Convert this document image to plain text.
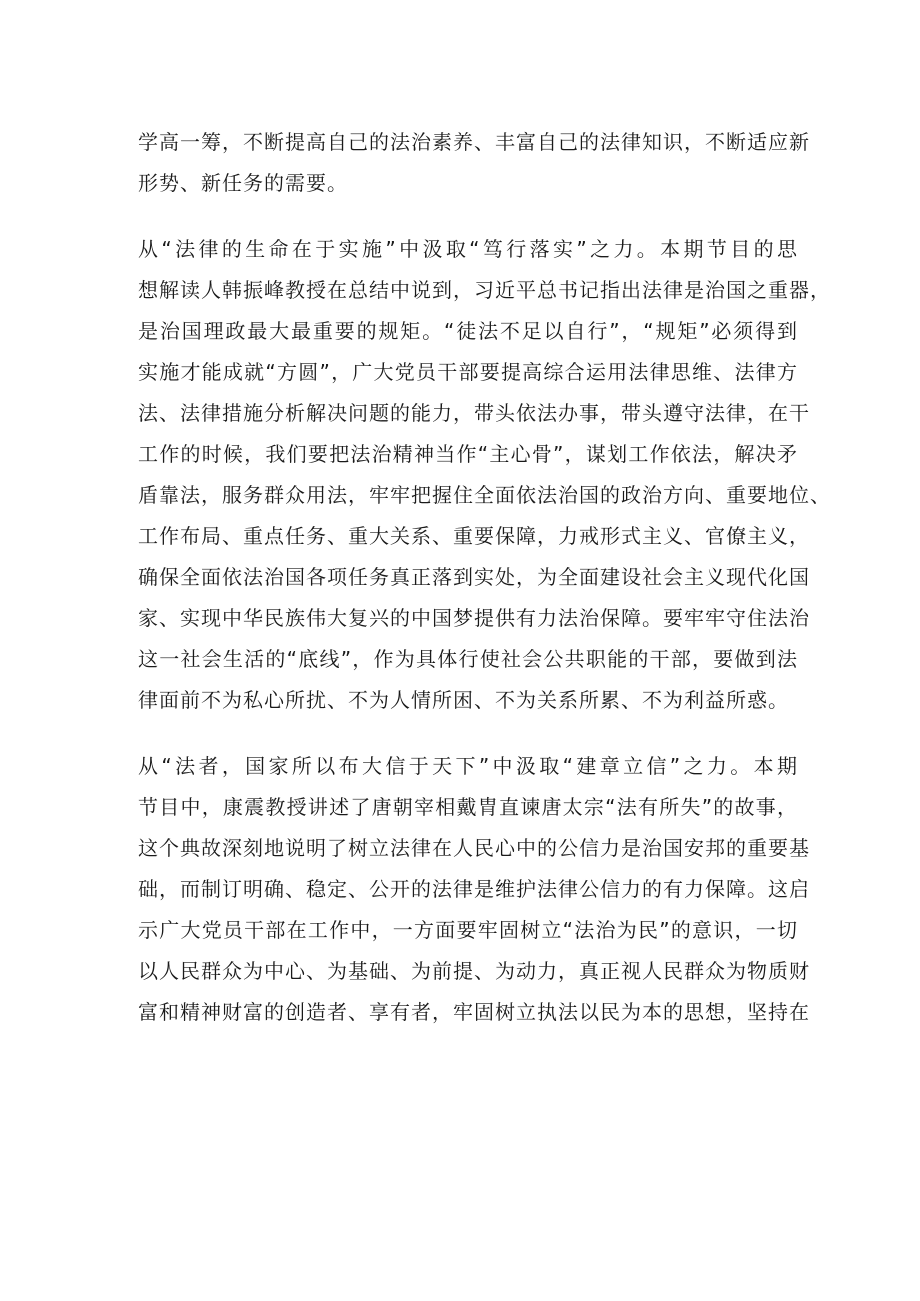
学高一筹，不断提高自己的法治素养、丰富自己的法律知识，不断适应新
形势、新任务的需要。
从“法律的生命在于实施”中汲取“笃行落实”之力。本期节目的思
想解读人韩振峰教授在总结中说到，习近平总书记指出法律是治国之重器，
是治国理政最大最重要的规矩。“徒法不足以自行”，“规矩”必须得到
实施才能成就“方圆”，广大党员干部要提高综合运用法律思维、法律方
法、法律措施分析解决问题的能力，带头依法办事，带头遵守法律，在干
工作的时候，我们要把法治精神当作“主心骨”，谋划工作依法，解决矛
盾靠法，服务群众用法，牢牢把握住全面依法治国的政治方向、重要地位、
工作布局、重点任务、重大关系、重要保障，力戒形式主义、官僚主义，
确保全面依法治国各项任务真正落到实处，为全面建设社会主义现代化国
家、实现中华民族伟大复兴的中国梦提供有力法治保障。要牢牢守住法治
这一社会生活的“底线”，作为具体行使社会公共职能的干部，要做到法
律面前不为私心所扰、不为人情所困、不为关系所累、不为利益所惑。
从“法者，国家所以布大信于天下”中汲取“建章立信”之力。本期
节目中，康震教授讲述了唐朝宰相戴胄直谏唐太宗“法有所失”的故事，
这个典故深刻地说明了树立法律在人民心中的公信力是治国安邦的重要基
础，而制订明确、稳定、公开的法律是维护法律公信力的有力保障。这启
示广大党员干部在工作中，一方面要牢固树立“法治为民”的意识，一切
以人民群众为中心、为基础、为前提、为动力，真正视人民群众为物质财
富和精神财富的创造者、享有者，牢固树立执法以民为本的思想，坚持在
